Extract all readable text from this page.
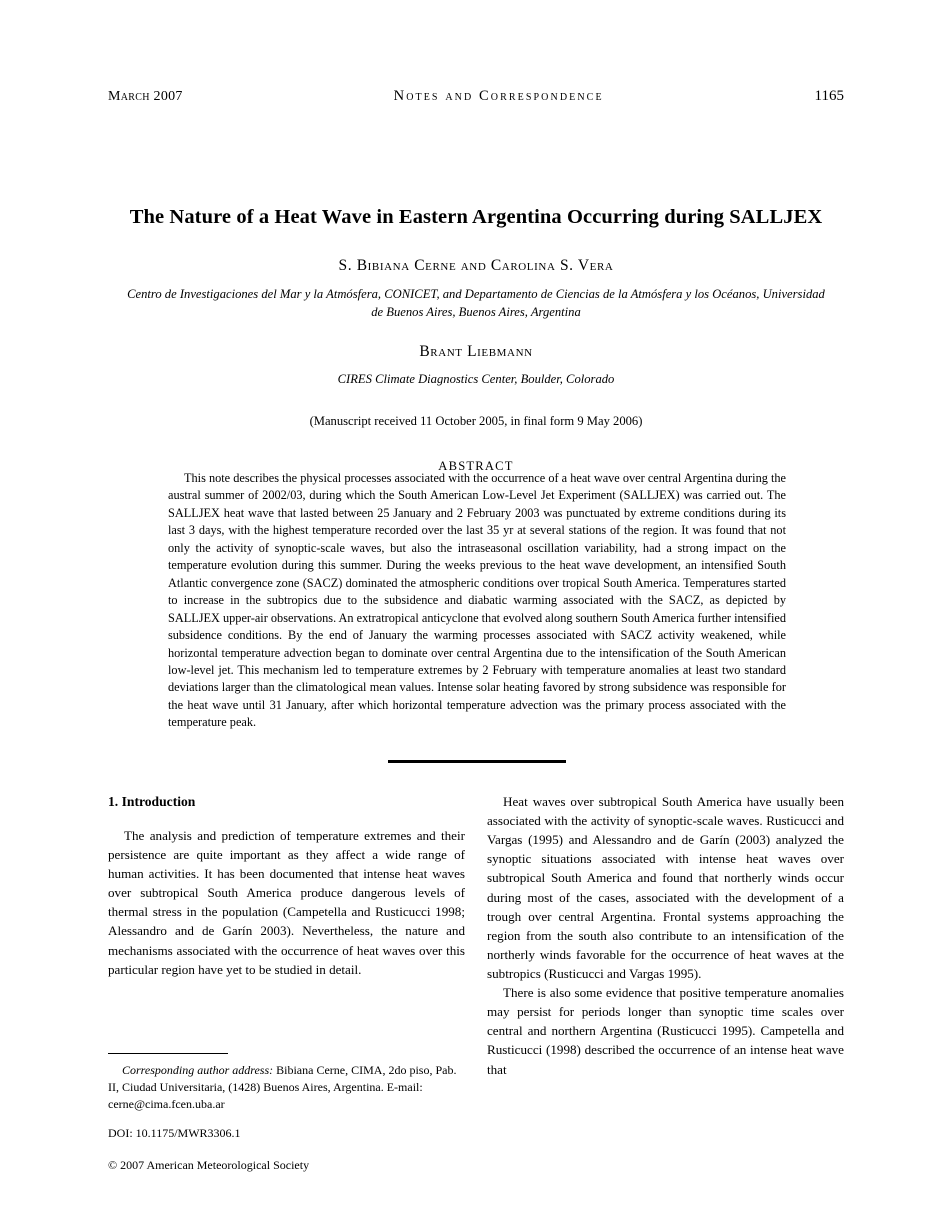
March 2007	Notes and Correspondence	1165
The Nature of a Heat Wave in Eastern Argentina Occurring during SALLJEX
S. Bibiana Cerne and Carolina S. Vera
Centro de Investigaciones del Mar y la Atmósfera, CONICET, and Departamento de Ciencias de la Atmósfera y los Océanos, Universidad de Buenos Aires, Buenos Aires, Argentina
Brant Liebmann
CIRES Climate Diagnostics Center, Boulder, Colorado
(Manuscript received 11 October 2005, in final form 9 May 2006)
ABSTRACT
This note describes the physical processes associated with the occurrence of a heat wave over central Argentina during the austral summer of 2002/03, during which the South American Low-Level Jet Experiment (SALLJEX) was carried out. The SALLJEX heat wave that lasted between 25 January and 2 February 2003 was punctuated by extreme conditions during its last 3 days, with the highest temperature recorded over the last 35 yr at several stations of the region. It was found that not only the activity of synoptic-scale waves, but also the intraseasonal oscillation variability, had a strong impact on the temperature evolution during this summer. During the weeks previous to the heat wave development, an intensified South Atlantic convergence zone (SACZ) dominated the atmospheric conditions over tropical South America. Temperatures started to increase in the subtropics due to the subsidence and diabatic warming associated with the SACZ, as depicted by SALLJEX upper-air observations. An extratropical anticyclone that evolved along southern South America further intensified subsidence conditions. By the end of January the warming processes associated with SACZ activity weakened, while horizontal temperature advection began to dominate over central Argentina due to the intensification of the South American low-level jet. This mechanism led to temperature extremes by 2 February with temperature anomalies at least two standard deviations larger than the climatological mean values. Intense solar heating favored by strong subsidence was responsible for the heat wave until 31 January, after which horizontal temperature advection was the primary process associated with the temperature peak.
1. Introduction

The analysis and prediction of temperature extremes and their persistence are quite important as they affect a wide range of human activities. It has been documented that intense heat waves over subtropical South America produce dangerous levels of thermal stress in the population (Campetella and Rusticucci 1998; Alessandro and de Garín 2003). Nevertheless, the nature and mechanisms associated with the occurrence of heat waves over this particular region have yet to be studied in detail.

Heat waves over subtropical South America have usually been associated with the activity of synoptic-scale waves. Rusticucci and Vargas (1995) and Alessandro and de Garín (2003) analyzed the synoptic situations associated with intense heat waves over subtropical South America and found that northerly winds occur during most of the cases, associated with the development of a trough over central Argentina. Frontal systems approaching the region from the south also contribute to an intensification of the northerly winds favorable for the occurrence of heat waves at the subtropics (Rusticucci and Vargas 1995).

There is also some evidence that positive temperature anomalies may persist for periods longer than synoptic time scales over central and northern Argentina (Rusticucci 1995). Campetella and Rusticucci (1998) described the occurrence of an intense heat wave that

Corresponding author address: Bibiana Cerne, CIMA, 2do piso, Pab. II, Ciudad Universitaria, (1428) Buenos Aires, Argentina. E-mail: cerne@cima.fcen.uba.ar

DOI: 10.1175/MWR3306.1
© 2007 American Meteorological Society
